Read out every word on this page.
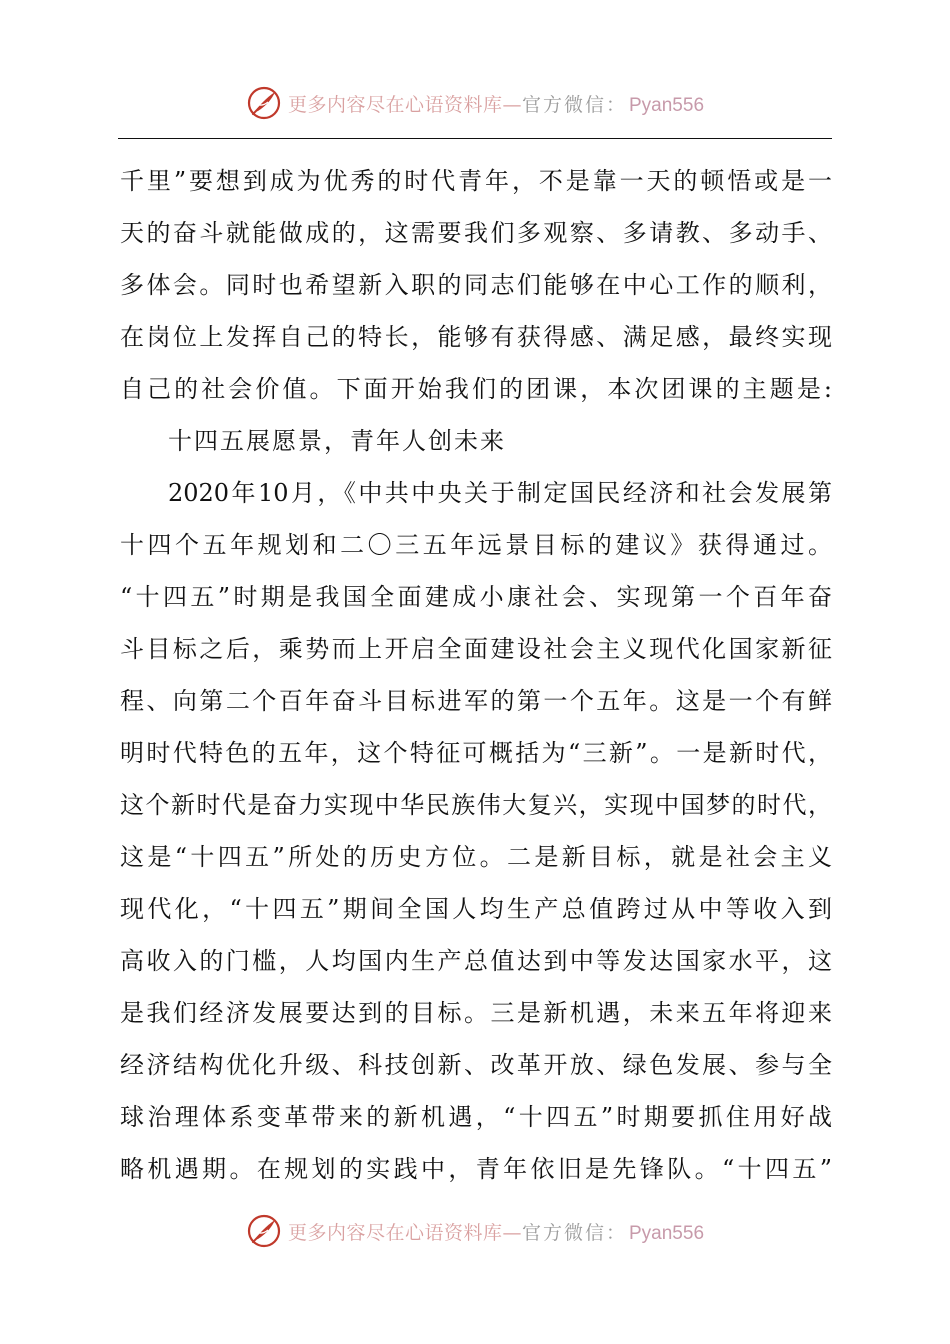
更多内容尽在心语资料库— 官方微信： Pyan556
千里”要想到成为优秀的时代青年，不是靠一天的顿悟或是一
天的奋斗就能做成的，这需要我们多观察、多请教、多动手、
多体会。同时也希望新入职的同志们能够在中心工作的顺利，
在岗位上发挥自己的特长，能够有获得感、满足感，最终实现
自己的社会价值。下面开始我们的团课，本次团课的主题是:
十四五展愿景，青年人创未来
2020年10月，《中共中央关于制定国民经济和社会发展第
十四个五年规划和二〇三五年远景目标的建议》获得通过。
“十四五”时期是我国全面建成小康社会、实现第一个百年奋
斗目标之后，乘势而上开启全面建设社会主义现代化国家新征
程、向第二个百年奋斗目标进军的第一个五年。这是一个有鲜
明时代特色的五年，这个特征可概括为“三新”。一是新时代，
这个新时代是奋力实现中华民族伟大复兴，实现中国梦的时代，
这是“十四五”所处的历史方位。二是新目标，就是社会主义
现代化，“十四五”期间全国人均生产总值跨过从中等收入到
高收入的门槛，人均国内生产总值达到中等发达国家水平，这
是我们经济发展要达到的目标。三是新机遇，未来五年将迎来
经济结构优化升级、科技创新、改革开放、绿色发展、参与全
球治理体系变革带来的新机遇，“十四五”时期要抓住用好战
略机遇期。在规划的实践中，青年依旧是先锋队。“十四五”
更多内容尽在心语资料库— 官方微信： Pyan556
